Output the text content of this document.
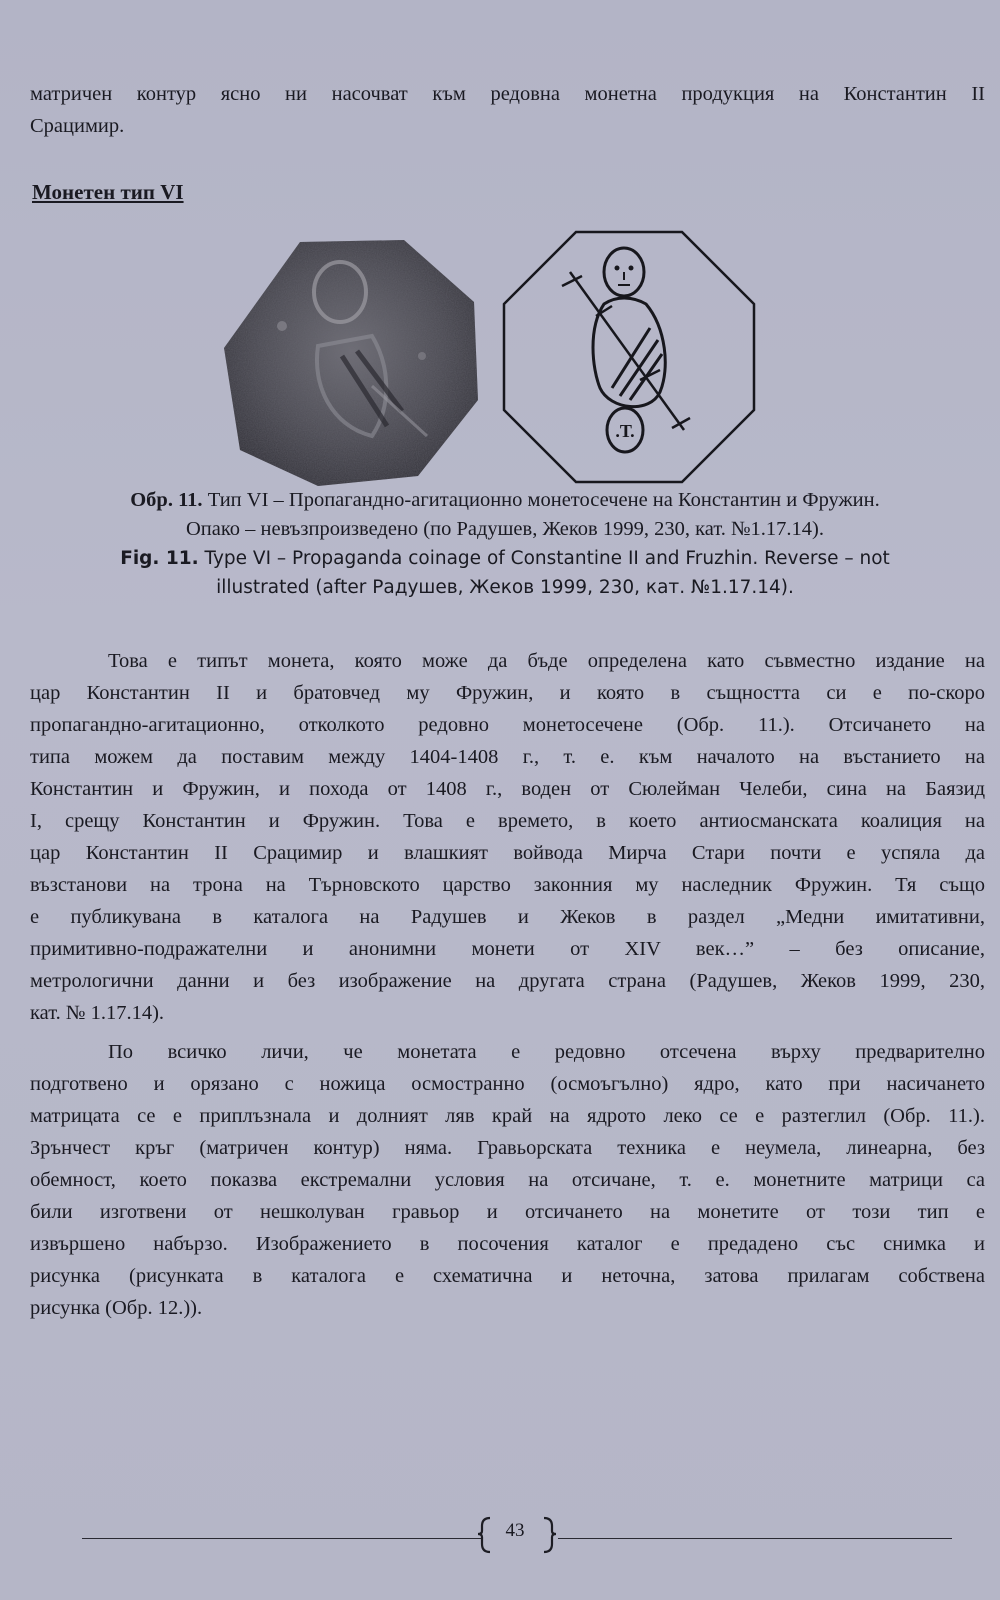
матричен контур ясно ни насочват към редовна монетна продукция на Константин II
Срацимир.
Монетен тип VI
.Т.
Обр. 11. Тип VI – Пропагандно-агитационно монетосечене на Константин и Фружин.
Опако – невъзпроизведено (по Радушев, Жеков 1999, 230, кат. №1.17.14).
Fig. 11. Type VI – Propaganda coinage of Constantine II and Fruzhin. Reverse – not
illustrated (after Радушев, Жеков 1999, 230, кат. №1.17.14).
Това е типът монета, която може да бъде определена като съвместно издание на
цар Константин II и братовчед му Фружин, и която в същността си е по-скоро
пропагандно-агитационно, отколкото редовно монетосечене (Обр. 11.). Отсичането на
типа можем да поставим между 1404-1408 г., т. е. към началото на въстанието на
Константин и Фружин, и похода от 1408 г., воден от Сюлейман Челеби, сина на Баязид
I, срещу Константин и Фружин. Това е времето, в което антиосманската коалиция на
цар Константин II Срацимир и влашкият войвода Мирча Стари почти е успяла да
възстанови на трона на Търновското царство законния му наследник Фружин. Тя също
е публикувана в каталога на Радушев и Жеков в раздел „Медни имитативни,
примитивно-подражателни и анонимни монети от XIV век…” – без описание,
метрологични данни и без изображение на другата страна (Радушев, Жеков 1999, 230,
кат. № 1.17.14).
По всичко личи, че монетата е редовно отсечена върху предварително
подготвено и орязано с ножица осмостранно (осмоъгълно) ядро, като при насичането
матрицата се е приплъзнала и долният ляв край на ядрото леко се е разтеглил (Обр. 11.).
Зрънчест кръг (матричен контур) няма. Гравьорската техника е неумела, линеарна, без
обемност, което показва екстремални условия на отсичане, т. е. монетните матрици са
били изготвени от нешколуван гравьор и отсичането на монетите от този тип е
извършено набързо. Изображението в посочения каталог е предадено със снимка и
рисунка (рисунката в каталога е схематична и неточна, затова прилагам собствена
рисунка (Обр. 12.)).
43
